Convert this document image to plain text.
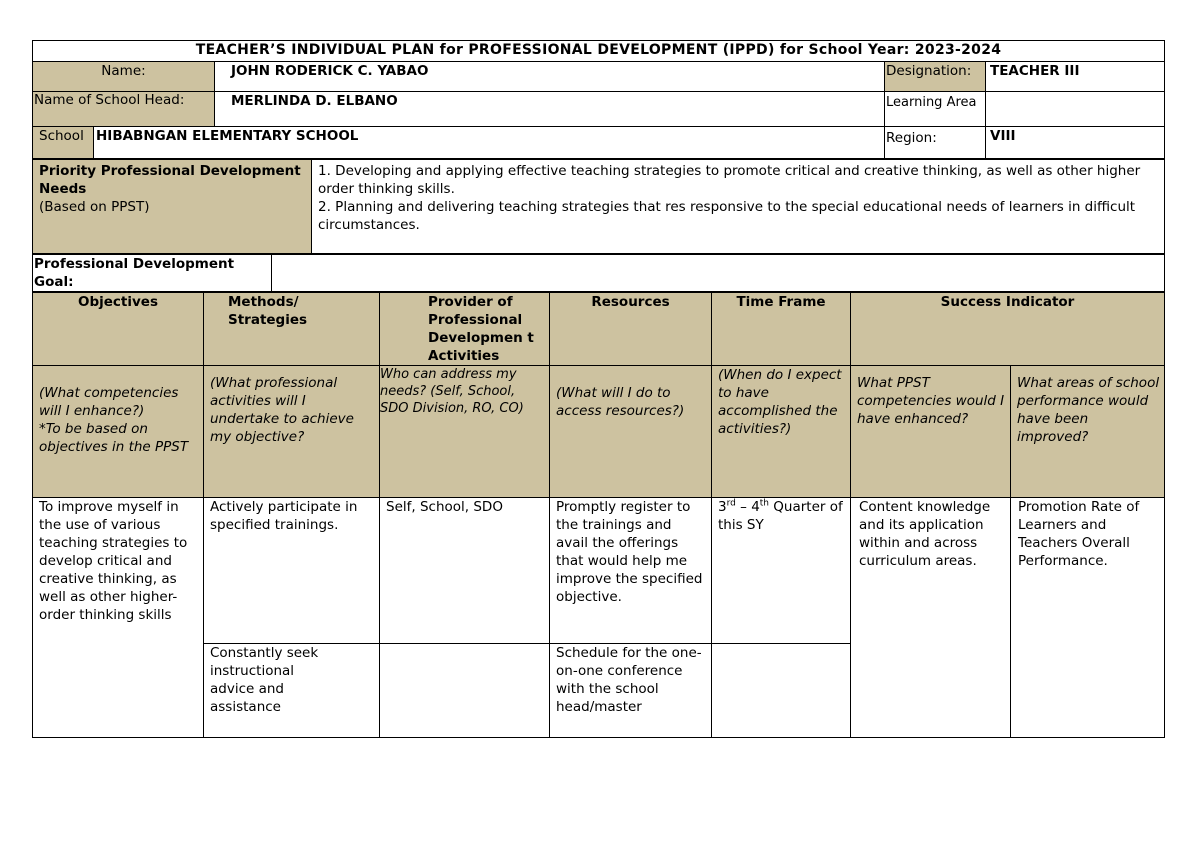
TEACHER’S INDIVIDUAL PLAN for PROFESSIONAL DEVELOPMENT (IPPD) for School Year: 2023-2024				
Name:		JOHN RODERICK C. YABAO	Designation:	TEACHER III
Name of School Head:		MERLINDA D. ELBANO	Learning Area	
School	HIBABNGAN ELEMENTARY SCHOOL		Region:	VIII
Priority Professional Development Needs
(Based on PPST)

1. Developing and applying effective teaching strategies to promote critical and creative thinking, as well as other higher order thinking skills.
2. Planning and delivering teaching strategies that res responsive to the special educational needs of learners in difficult circumstances.
Professional Development Goal:	
Objectives	Methods/ Strategies	Provider of Professional Developmen t Activities	Resources	Time Frame	Success Indicator	

(What competencies will I enhance?)
*To be based on objectives in the PPST	(What professional activities will I undertake to achieve my objective?	Who can address my needs? (Self, School, SDO Division, RO, CO)	(What will I do to access resources?)	(When do I expect to have accomplished the activities?)	What PPST competencies would I have enhanced?	What areas of school performance would have been improved?
To improve myself in the use of various teaching strategies to develop critical and creative thinking, as well as other higher-order thinking skills	Actively participate in specified trainings.	Self, School, SDO	Promptly register to the trainings and avail the offerings that would help me improve the specified objective.	3rd – 4th Quarter of this SY	Content knowledge and its application within and across curriculum areas.	Promotion Rate of Learners and Teachers Overall Performance.
	Constantly seek instructional advice and assistance		Schedule for the one-on-one conference with the school head/master			
